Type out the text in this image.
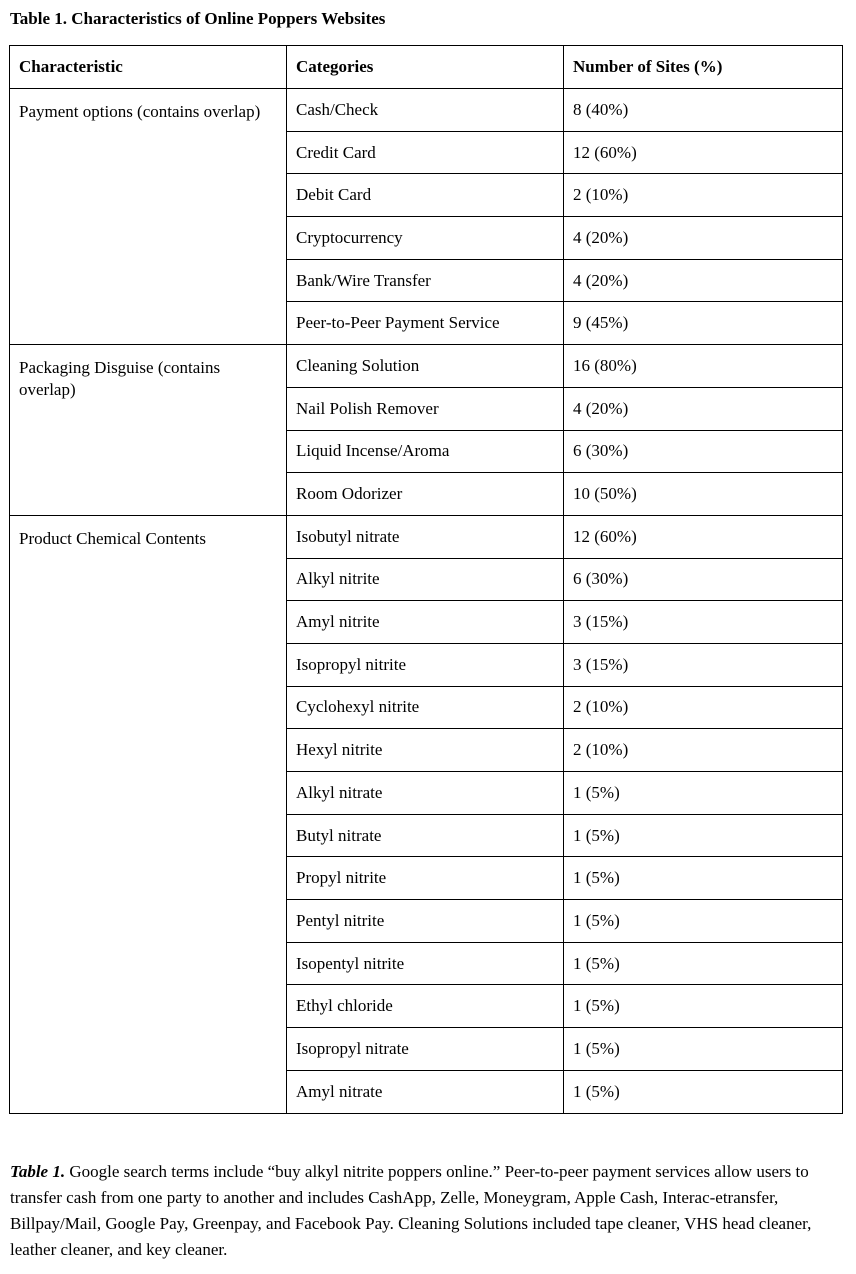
Table 1. Characteristics of Online Poppers Websites
Characteristic	Categories	Number of Sites (%)
Payment options (contains overlap)	Cash/Check	8 (40%)
	Credit Card	12 (60%)
	Debit Card	2 (10%)
	Cryptocurrency	4 (20%)
	Bank/Wire Transfer	4 (20%)
	Peer-to-Peer Payment Service	9 (45%)
Packaging Disguise (contains overlap)	Cleaning Solution	16 (80%)
	Nail Polish Remover	4 (20%)
	Liquid Incense/Aroma	6 (30%)
	Room Odorizer	10 (50%)
Product Chemical Contents	Isobutyl nitrate	12 (60%)
	Alkyl nitrite	6 (30%)
	Amyl nitrite	3 (15%)
	Isopropyl nitrite	3 (15%)
	Cyclohexyl nitrite	2 (10%)
	Hexyl nitrite	2 (10%)
	Alkyl nitrate	1 (5%)
	Butyl nitrate	1 (5%)
	Propyl nitrite	1 (5%)
	Pentyl nitrite	1 (5%)
	Isopentyl nitrite	1 (5%)
	Ethyl chloride	1 (5%)
	Isopropyl nitrate	1 (5%)
	Amyl nitrate	1 (5%)
Table 1. Google search terms include “buy alkyl nitrite poppers online.” Peer-to-peer payment services allow users to transfer cash from one party to another and includes CashApp, Zelle, Moneygram, Apple Cash, Interac-etransfer, Billpay/Mail, Google Pay, Greenpay, and Facebook Pay. Cleaning Solutions included tape cleaner, VHS head cleaner, leather cleaner, and key cleaner.
